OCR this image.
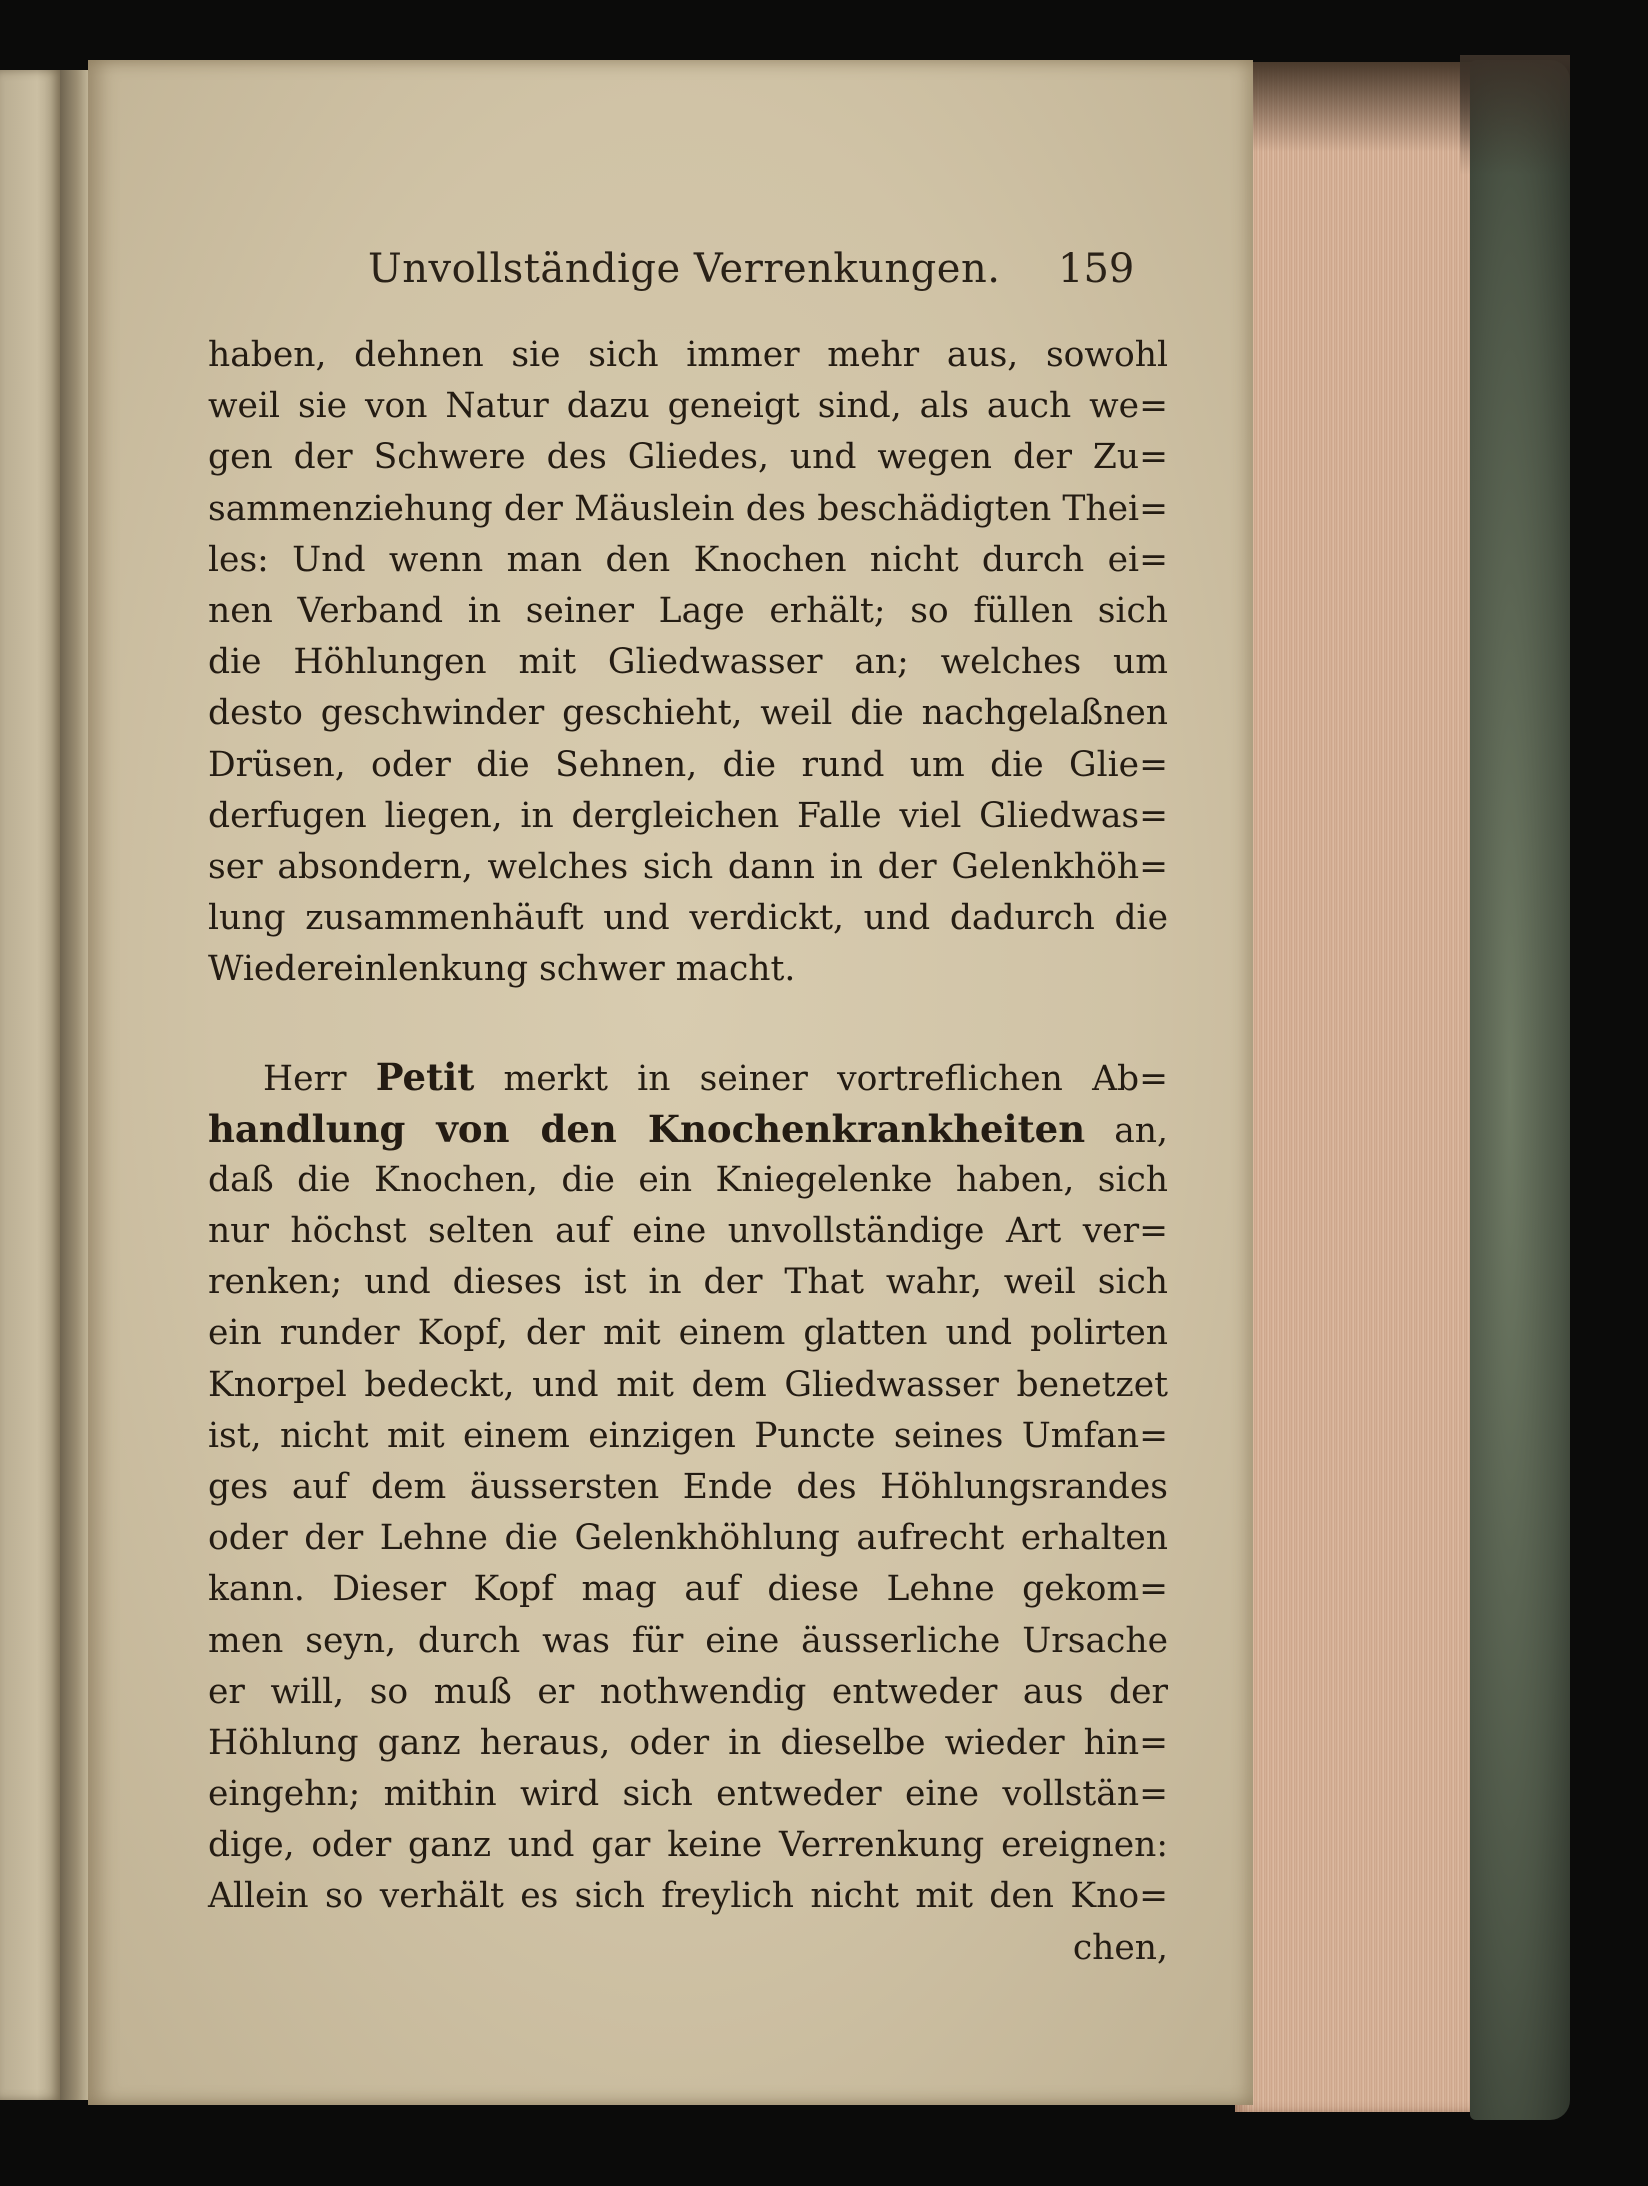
Unvollständige Verrenkungen. 159
haben, dehnen sie sich immer mehr aus, sowohl
weil sie von Natur dazu geneigt sind, als auch we=
gen der Schwere des Gliedes, und wegen der Zu=
sammenziehung der Mäuslein des beschädigten Thei=
les: Und wenn man den Knochen nicht durch ei=
nen Verband in seiner Lage erhält; so füllen sich
die Höhlungen mit Gliedwasser an; welches um
desto geschwinder geschieht, weil die nachgelaßnen
Drüsen, oder die Sehnen, die rund um die Glie=
derfugen liegen, in dergleichen Falle viel Gliedwas=
ser absondern, welches sich dann in der Gelenkhöh=
lung zusammenhäuft und verdickt, und dadurch die
Wiedereinlenkung schwer macht.
Herr Petit merkt in seiner vortreflichen Ab=
handlung von den Knochenkrankheiten an,
daß die Knochen, die ein Kniegelenke haben, sich
nur höchst selten auf eine unvollständige Art ver=
renken; und dieses ist in der That wahr, weil sich
ein runder Kopf, der mit einem glatten und polirten
Knorpel bedeckt, und mit dem Gliedwasser benetzet
ist, nicht mit einem einzigen Puncte seines Umfan=
ges auf dem äussersten Ende des Höhlungsrandes
oder der Lehne die Gelenkhöhlung aufrecht erhalten
kann. Dieser Kopf mag auf diese Lehne gekom=
men seyn, durch was für eine äusserliche Ursache
er will, so muß er nothwendig entweder aus der
Höhlung ganz heraus, oder in dieselbe wieder hin=
eingehn; mithin wird sich entweder eine vollstän=
dige, oder ganz und gar keine Verrenkung ereignen:
Allein so verhält es sich freylich nicht mit den Kno=
chen,
